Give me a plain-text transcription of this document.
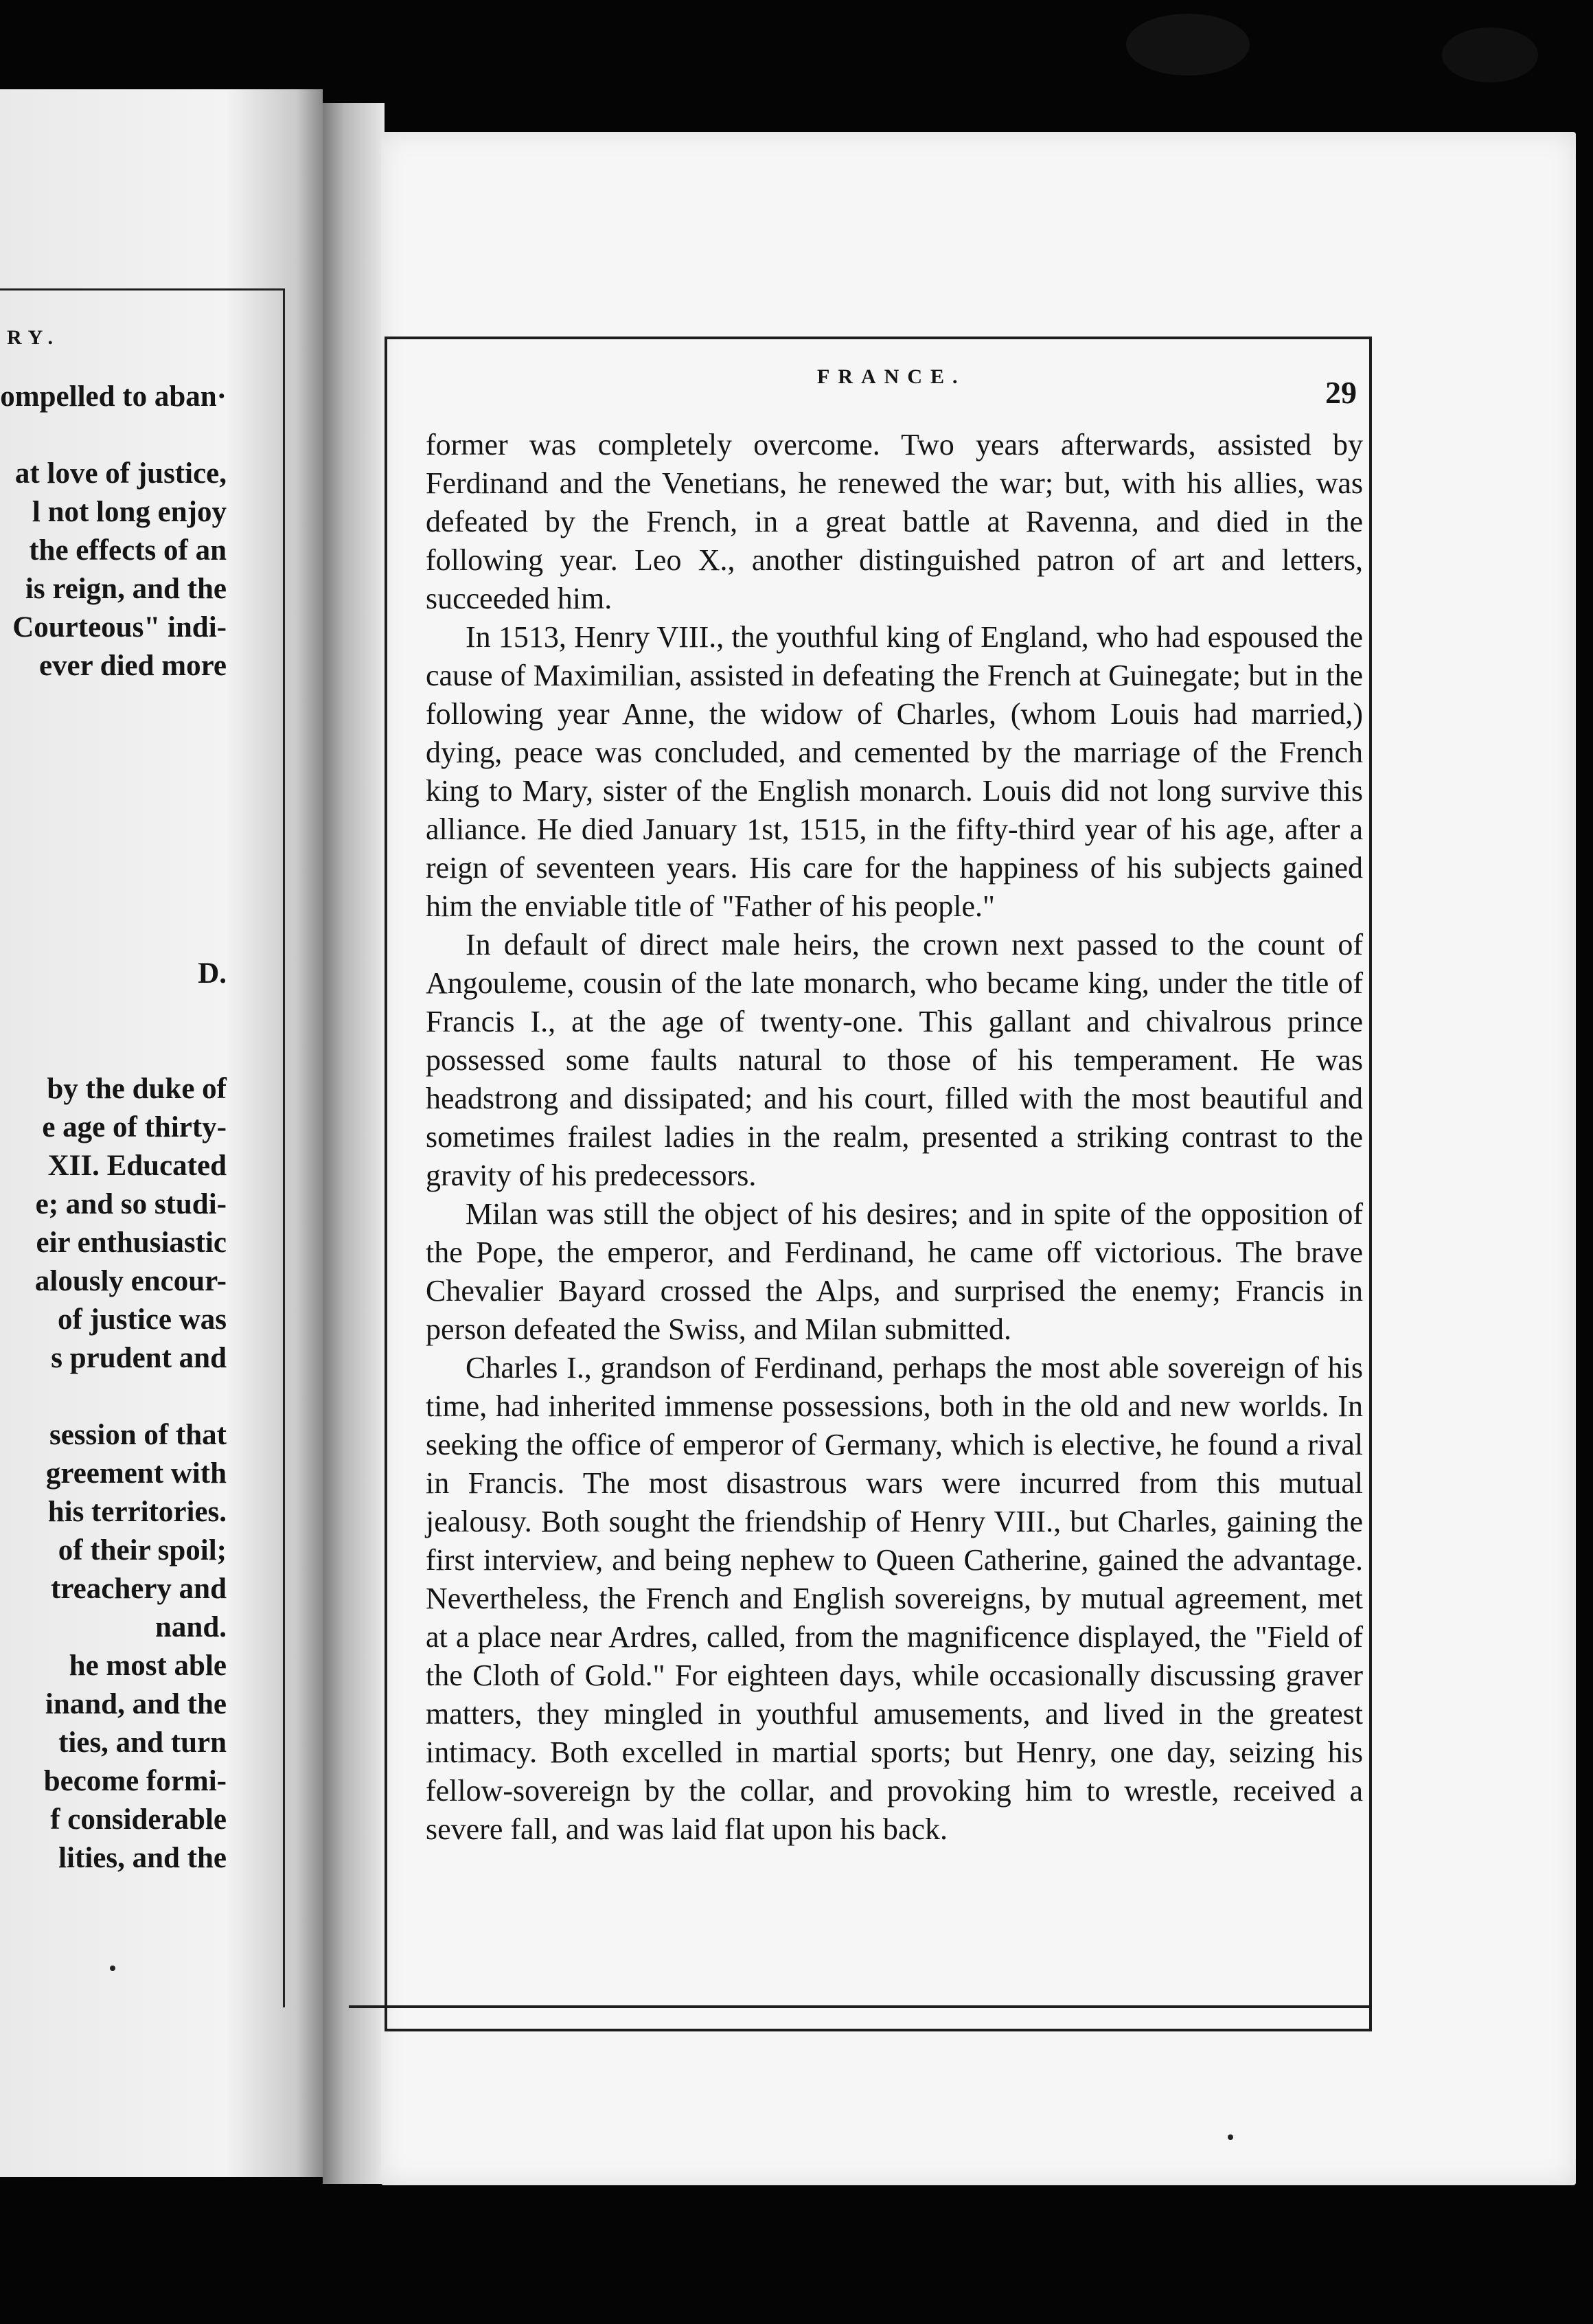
RY.
ompelled to aban·
at love of justice,
l not long enjoy
the effects of an
is reign, and the
Courteous" indi-
ever died more
D.
by the duke of
e age of thirty-
XII. Educated
e; and so studi-
eir enthusiastic
alously encour-
of justice was
s prudent and
session of that
greement with
his territories.
of their spoil;
treachery and
nand.
he most able
inand, and the
ties, and turn
become formi-
f considerable
lities, and the
FRANCE.	29

former was completely overcome. Two years afterwards, assisted by Ferdinand and the Venetians, he renewed the war; but, with his allies, was defeated by the French, in a great battle at Ravenna, and died in the following year. Leo X., another distinguished patron of art and letters, succeeded him.

In 1513, Henry VIII., the youthful king of England, who had espoused the cause of Maximilian, assisted in defeating the French at Guinegate; but in the following year Anne, the widow of Charles, (whom Louis had married,) dying, peace was concluded, and cemented by the marriage of the French king to Mary, sister of the English monarch. Louis did not long survive this alliance. He died January 1st, 1515, in the fifty-third year of his age, after a reign of seventeen years. His care for the happiness of his subjects gained him the enviable title of "Father of his people."

In default of direct male heirs, the crown next passed to the count of Angouleme, cousin of the late monarch, who became king, under the title of Francis I., at the age of twenty-one. This gallant and chivalrous prince possessed some faults natural to those of his temperament. He was headstrong and dissipated; and his court, filled with the most beautiful and sometimes frailest ladies in the realm, presented a striking contrast to the gravity of his predecessors.

Milan was still the object of his desires; and in spite of the opposition of the Pope, the emperor, and Ferdinand, he came off victorious. The brave Chevalier Bayard crossed the Alps, and surprised the enemy; Francis in person defeated the Swiss, and Milan submitted.

Charles I., grandson of Ferdinand, perhaps the most able sovereign of his time, had inherited immense possessions, both in the old and new worlds. In seeking the office of emperor of Germany, which is elective, he found a rival in Francis. The most disastrous wars were incurred from this mutual jealousy. Both sought the friendship of Henry VIII., but Charles, gaining the first interview, and being nephew to Queen Catherine, gained the advantage. Nevertheless, the French and English sovereigns, by mutual agreement, met at a place near Ardres, called, from the magnificence displayed, the "Field of the Cloth of Gold." For eighteen days, while occasionally discussing graver matters, they mingled in youthful amusements, and lived in the greatest intimacy. Both excelled in martial sports; but Henry, one day, seizing his fellow-sovereign by the collar, and provoking him to wrestle, received a severe fall, and was laid flat upon his back.
